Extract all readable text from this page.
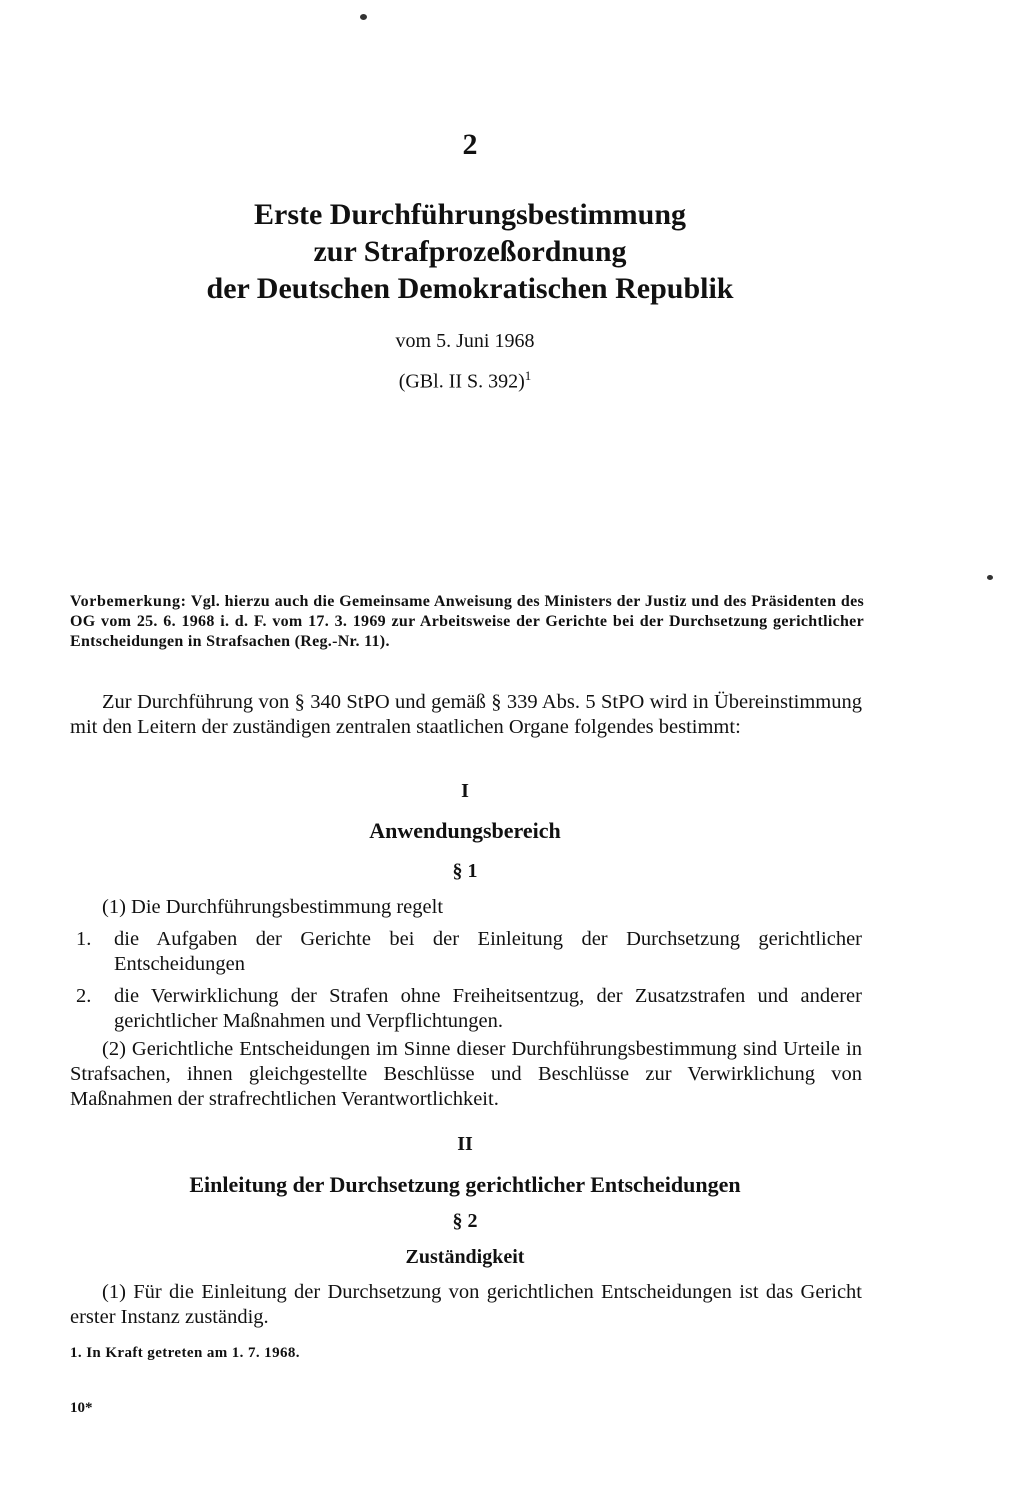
2
Erste Durchführungsbestimmung
zur Strafprozeßordnung
der Deutschen Demokratischen Republik
vom 5. Juni 1968
(GBl. II S. 392)$^1$
Vorbemerkung: Vgl. hierzu auch die Gemeinsame Anweisung des Ministers der Justiz und des Präsidenten des OG vom 25. 6. 1968 i. d. F. vom 17. 3. 1969 zur Arbeitsweise der Gerichte bei der Durchsetzung gerichtlicher Entscheidungen in Strafsachen (Reg.-Nr. 11).
Zur Durchführung von § 340 StPO und gemäß § 339 Abs. 5 StPO wird in Übereinstimmung mit den Leitern der zuständigen zentralen staatlichen Organe folgendes bestimmt:
I
Anwendungsbereich
§ 1
(1) Die Durchführungsbestimmung regelt
1. die Aufgaben der Gerichte bei der Einleitung der Durchsetzung gerichtlicher Entscheidungen
2. die Verwirklichung der Strafen ohne Freiheitsentzug, der Zusatzstrafen und anderer gerichtlicher Maßnahmen und Verpflichtungen.
(2) Gerichtliche Entscheidungen im Sinne dieser Durchführungsbestimmung sind Urteile in Strafsachen, ihnen gleichgestellte Beschlüsse und Beschlüsse zur Verwirklichung von Maßnahmen der strafrechtlichen Verantwortlichkeit.
II
Einleitung der Durchsetzung gerichtlicher Entscheidungen
§ 2
Zuständigkeit
(1) Für die Einleitung der Durchsetzung von gerichtlichen Entscheidungen ist das Gericht erster Instanz zuständig.
1. In Kraft getreten am 1. 7. 1968.
10*
